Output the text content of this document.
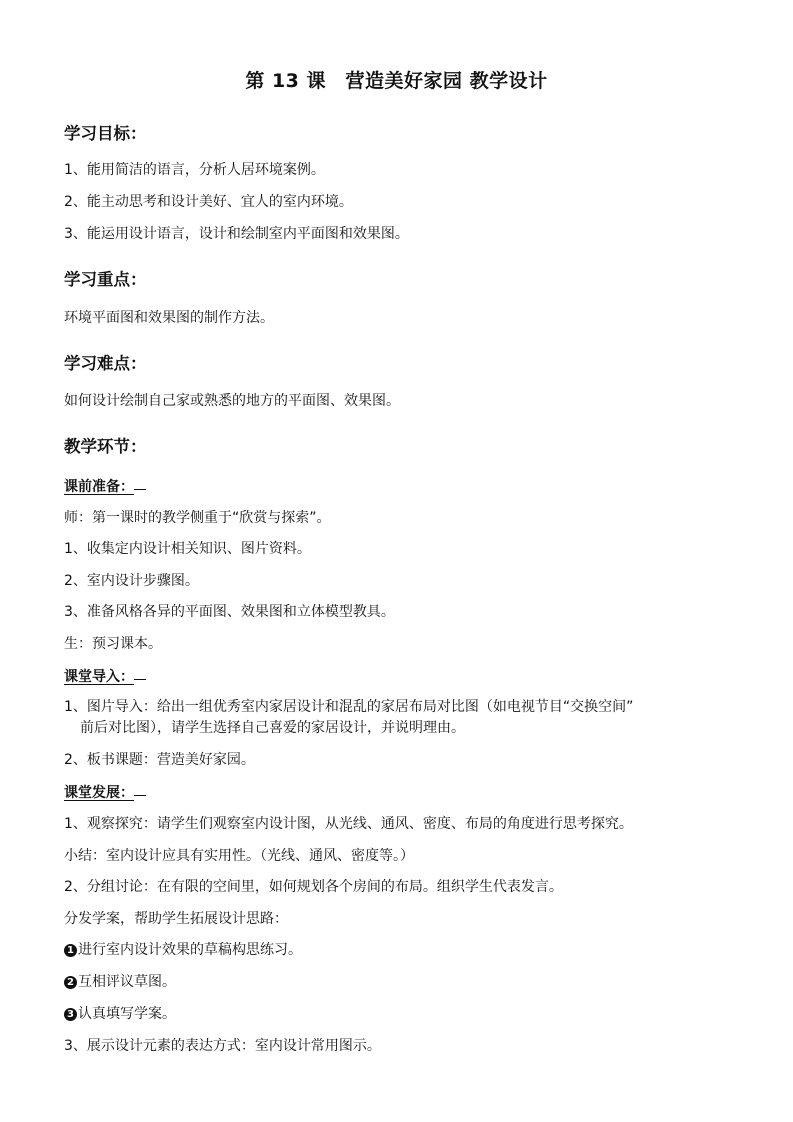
第 13 课　营造美好家园 教学设计
学习目标：
1、能用简洁的语言，分析人居环境案例。
2、能主动思考和设计美好、宜人的室内环境。
3、能运用设计语言，设计和绘制室内平面图和效果图。
学习重点：
环境平面图和效果图的制作方法。
学习难点：
如何设计绘制自己家或熟悉的地方的平面图、效果图。
教学环节：
课前准备：
师：第一课时的教学侧重于“欣赏与探索”。
1、收集定内设计相关知识、图片资料。
2、室内设计步骤图。
3、准备风格各异的平面图、效果图和立体模型教具。
生：预习课本。
课堂导入：
1、图片导入：给出一组优秀室内家居设计和混乱的家居布局对比图（如电视节目“交换空间”
前后对比图），请学生选择自己喜爱的家居设计，并说明理由。
2、板书课题：营造美好家园。
课堂发展：
1、观察探究：请学生们观察室内设计图，从光线、通风、密度、布局的角度进行思考探究。
小结：室内设计应具有实用性。（光线、通风、密度等。）
2、分组讨论：在有限的空间里，如何规划各个房间的布局。组织学生代表发言。
分发学案，帮助学生拓展设计思路：
1 进行室内设计效果的草稿构思练习。
2 互相评议草图。
3 认真填写学案。
3、展示设计元素的表达方式：室内设计常用图示。
